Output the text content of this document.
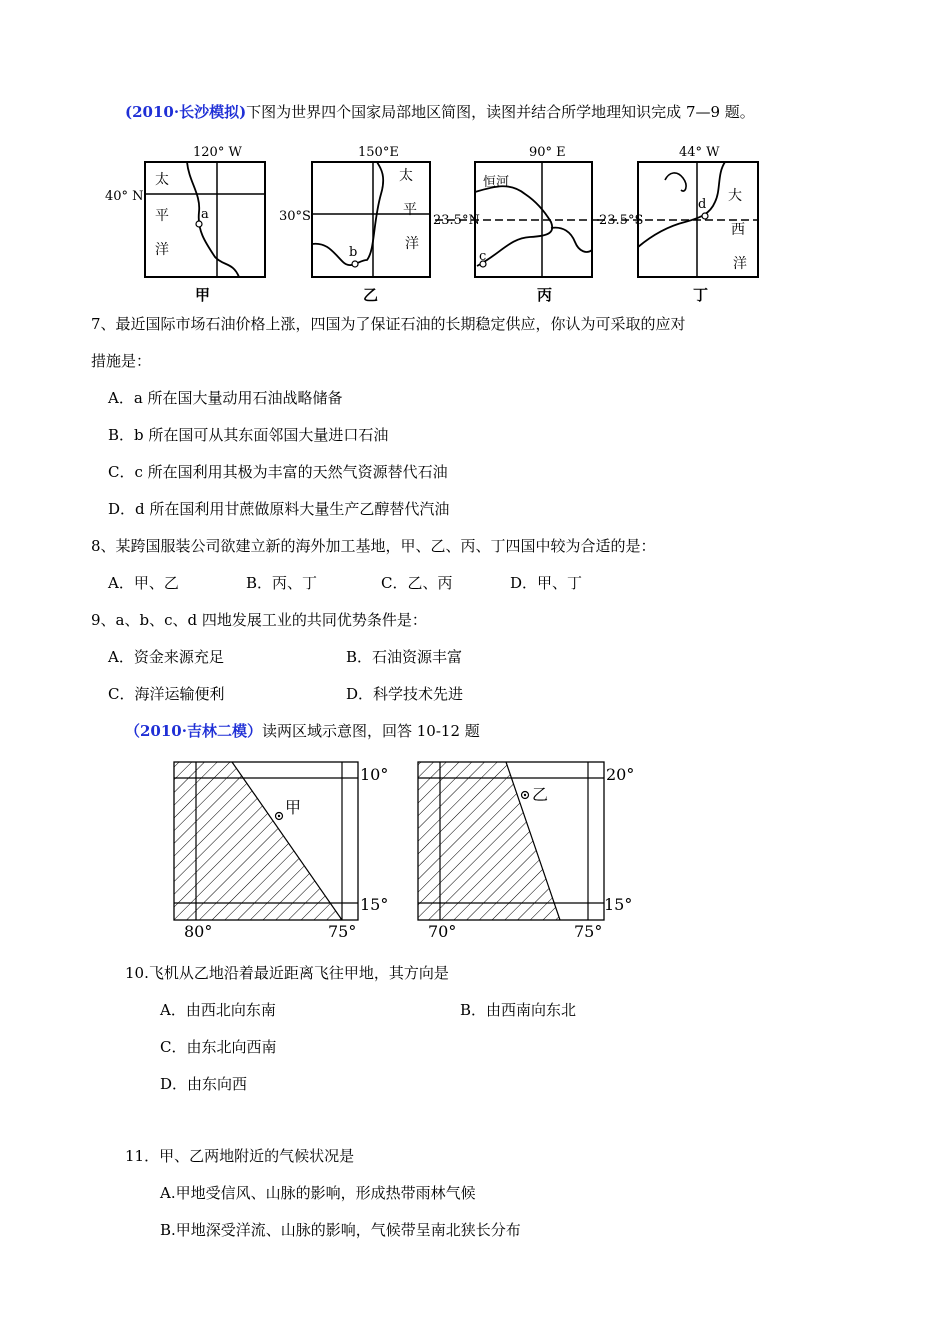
(2010·长沙模拟)下图为世界四个国家局部地区简图，读图并结合所学地理知识完成 7—9 题。
120° W
40° N
太
平
洋
a
甲
150°E
30°S
太
平
洋
b
乙
90° E
23.5°N
恒河
c
丙
44° W
23.5°S
大
西
洋
d
丁
7、最近国际市场石油价格上涨，四国为了保证石油的长期稳定供应，你认为可采取的应对
措施是：
A．a 所在国大量动用石油战略储备
B．b 所在国可从其东面邻国大量进口石油
C．c 所在国利用其极为丰富的天然气资源替代石油
D．d 所在国利用甘蔗做原料大量生产乙醇替代汽油
8、某跨国服装公司欲建立新的海外加工基地，甲、乙、丙、丁四国中较为合适的是：
A．甲、乙	B．丙、丁	C．乙、丙	D．甲、丁
9、a、b、c、d 四地发展工业的共同优势条件是：
A．资金来源充足	B．石油资源丰富
C．海洋运输便利	D．科学技术先进
（2010·吉林二模）读两区域示意图，回答 10-12 题
甲
10°
15°
80°	75°
乙
20°
15°
70°	75°
10.飞机从乙地沿着最近距离飞往甲地，其方向是
A．由西北向东南	B．由西南向东北
C．由东北向西南
D．由东向西
11．甲、乙两地附近的气候状况是
A.甲地受信风、山脉的影响，形成热带雨林气候
B.甲地深受洋流、山脉的影响，气候带呈南北狭长分布
